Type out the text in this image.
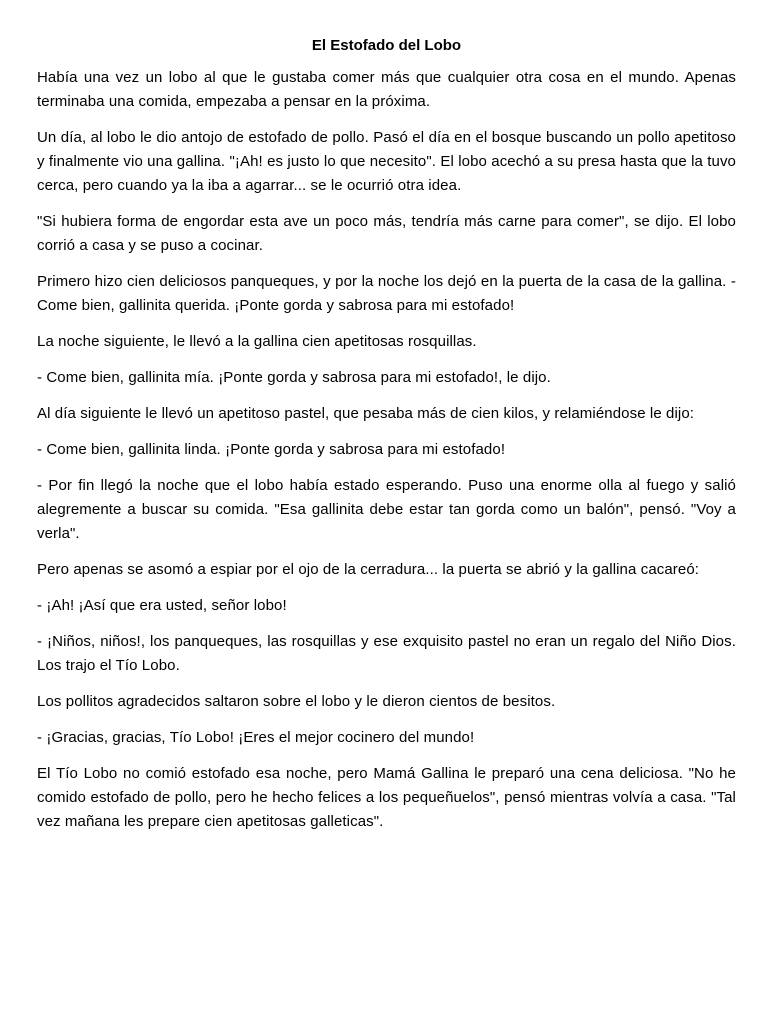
El Estofado del Lobo

Había una vez un lobo al que le gustaba comer más que cualquier otra cosa en el mundo. Apenas terminaba una comida, empezaba a pensar en la próxima.

Un día, al lobo le dio antojo de estofado de pollo. Pasó el día en el bosque buscando un pollo apetitoso y finalmente vio una gallina. "¡Ah! es justo lo que necesito". El lobo acechó a su presa hasta que la tuvo cerca, pero cuando ya la iba a agarrar... se le ocurrió otra idea.

"Si hubiera forma de engordar esta ave un poco más, tendría más carne para comer", se dijo. El lobo corrió a casa y se puso a cocinar.

Primero hizo cien deliciosos panqueques, y por la noche los dejó en la puerta de la casa de la gallina. - Come bien, gallinita querida. ¡Ponte gorda y sabrosa para mi estofado!

La noche siguiente, le llevó a la gallina cien apetitosas rosquillas.

- Come bien, gallinita mía. ¡Ponte gorda y sabrosa para mi estofado!, le dijo.

Al día siguiente le llevó un apetitoso pastel, que pesaba más de cien kilos, y relamiéndose le dijo:

- Come bien, gallinita linda. ¡Ponte gorda y sabrosa para mi estofado!

- Por fin llegó la noche que el lobo había estado esperando. Puso una enorme olla al fuego y salió alegremente a buscar su comida. "Esa gallinita debe estar tan gorda como un balón", pensó. "Voy a verla".

Pero apenas se asomó a espiar por el ojo de la cerradura... la puerta se abrió y la gallina cacareó:

- ¡Ah! ¡Así que era usted, señor lobo!

- ¡Niños, niños!, los panqueques, las rosquillas y ese exquisito pastel no eran un regalo del Niño Dios. Los trajo el Tío Lobo.

Los pollitos agradecidos saltaron sobre el lobo y le dieron cientos de besitos.

- ¡Gracias, gracias, Tío Lobo! ¡Eres el mejor cocinero del mundo!

El Tío Lobo no comió estofado esa noche, pero Mamá Gallina le preparó una cena deliciosa. "No he comido estofado de pollo, pero he hecho felices a los pequeñuelos", pensó mientras volvía a casa. "Tal vez mañana les prepare cien apetitosas galleticas".
